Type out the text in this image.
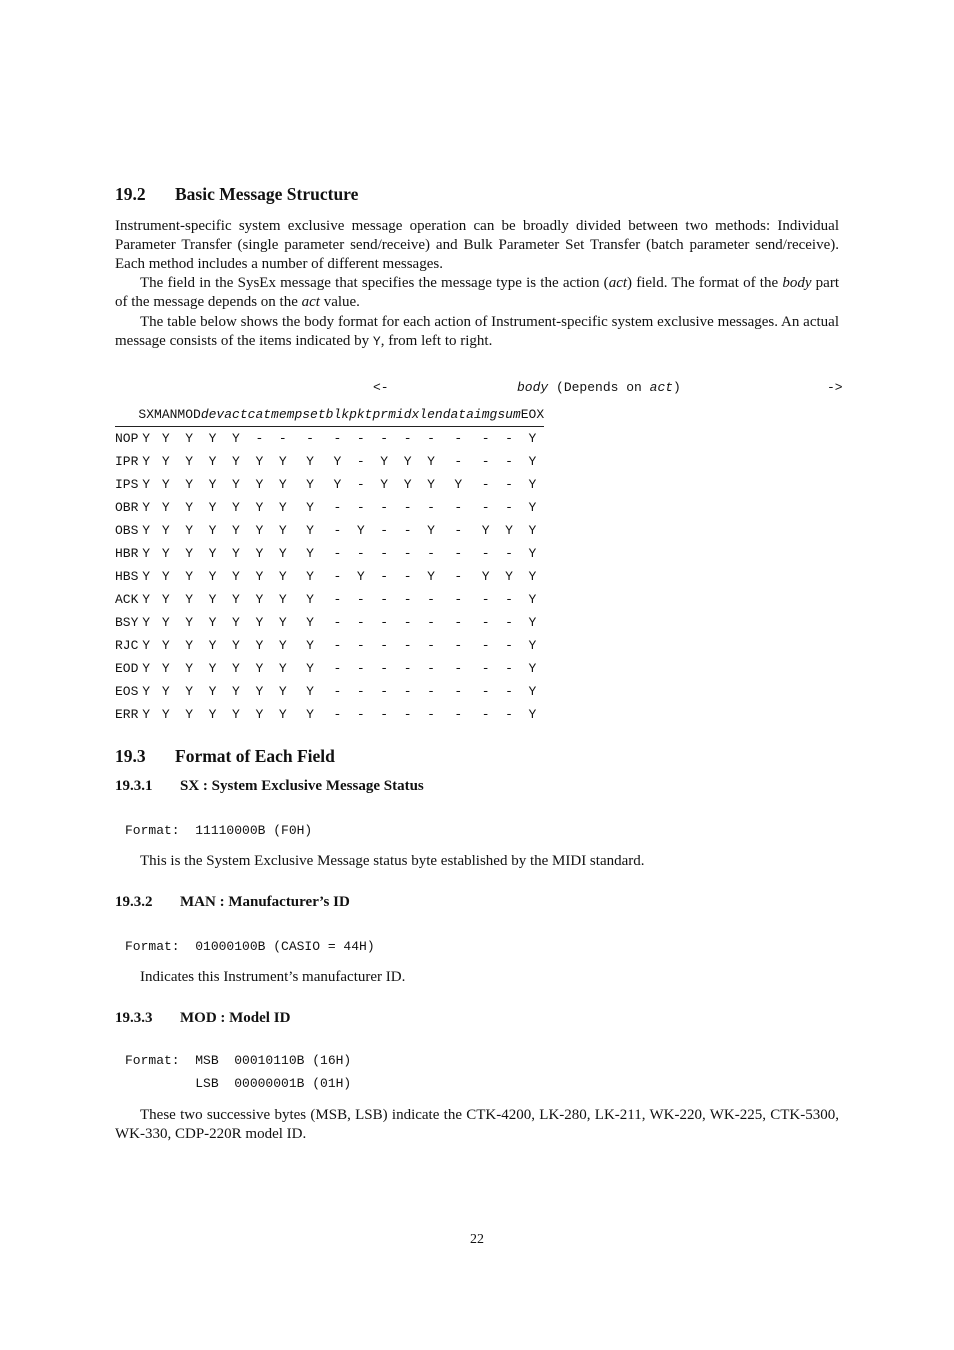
19.2 Basic Message Structure
Instrument-specific system exclusive message operation can be broadly divided between two methods: Individual Parameter Transfer (single parameter send/receive) and Bulk Parameter Set Transfer (batch parameter send/receive). Each method includes a number of different messages.
The field in the SysEx message that specifies the message type is the action (act) field. The format of the body part of the message depends on the act value.
The table below shows the body format for each action of Instrument-specific system exclusive messages. An actual message consists of the items indicated by Y, from left to right.
<-	body (Depends on act)	->
	SX	MAN	MOD	dev	act	cat	mem	pset	blk	pkt	prm	idx	len	data	img	sum	EOX
NOP	Y	Y	Y	Y	Y	-	-	-	-	-	-	-	-	-	-	-	Y
IPR	Y	Y	Y	Y	Y	Y	Y	Y	Y	-	Y	Y	Y	-	-	-	Y
IPS	Y	Y	Y	Y	Y	Y	Y	Y	Y	-	Y	Y	Y	Y	-	-	Y
OBR	Y	Y	Y	Y	Y	Y	Y	Y	-	-	-	-	-	-	-	-	Y
OBS	Y	Y	Y	Y	Y	Y	Y	Y	-	Y	-	-	Y	-	Y	Y	Y
HBR	Y	Y	Y	Y	Y	Y	Y	Y	-	-	-	-	-	-	-	-	Y
HBS	Y	Y	Y	Y	Y	Y	Y	Y	-	Y	-	-	Y	-	Y	Y	Y
ACK	Y	Y	Y	Y	Y	Y	Y	Y	-	-	-	-	-	-	-	-	Y
BSY	Y	Y	Y	Y	Y	Y	Y	Y	-	-	-	-	-	-	-	-	Y
RJC	Y	Y	Y	Y	Y	Y	Y	Y	-	-	-	-	-	-	-	-	Y
EOD	Y	Y	Y	Y	Y	Y	Y	Y	-	-	-	-	-	-	-	-	Y
EOS	Y	Y	Y	Y	Y	Y	Y	Y	-	-	-	-	-	-	-	-	Y
ERR	Y	Y	Y	Y	Y	Y	Y	Y	-	-	-	-	-	-	-	-	Y
19.3 Format of Each Field
19.3.1 SX : System Exclusive Message Status
Format:  11110000B (F0H)
This is the System Exclusive Message status byte established by the MIDI standard.
19.3.2 MAN : Manufacturer’s ID
Format:  01000100B (CASIO = 44H)
Indicates this Instrument’s manufacturer ID.
19.3.3 MOD : Model ID
Format:  MSB  00010110B (16H)
LSB  00000001B (01H)
These two successive bytes (MSB, LSB) indicate the CTK-4200, LK-280, LK-211, WK-220, WK-225, CTK-5300, WK-330, CDP-220R model ID.
22
